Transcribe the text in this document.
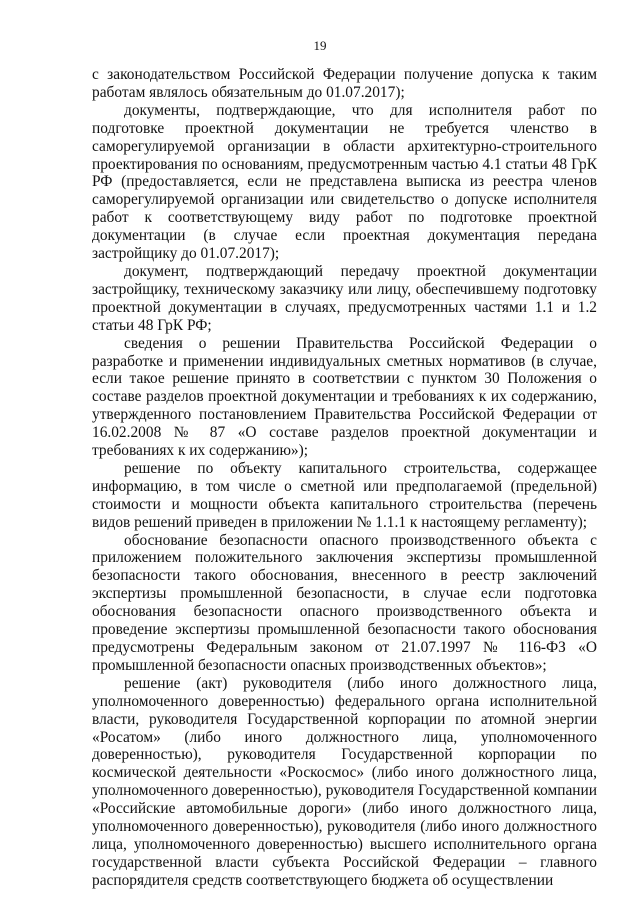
19

с законодательством Российской Федерации получение допуска к таким работам являлось обязательным до 01.07.2017);

документы, подтверждающие, что для исполнителя работ по подготовке проектной документации не требуется членство в саморегулируемой организации в области архитектурно-строительного проектирования по основаниям, предусмотренным частью 4.1 статьи 48 ГрК РФ (предоставляется, если не представлена выписка из реестра членов саморегулируемой организации или свидетельство о допуске исполнителя работ к соответствующему виду работ по подготовке проектной документации (в случае если проектная документация передана застройщику до 01.07.2017);

документ, подтверждающий передачу проектной документации застройщику, техническому заказчику или лицу, обеспечившему подготовку проектной документации в случаях, предусмотренных частями 1.1 и 1.2 статьи 48 ГрК РФ;

сведения о решении Правительства Российской Федерации о разработке и применении индивидуальных сметных нормативов (в случае, если такое решение принято в соответствии с пунктом 30 Положения о составе разделов проектной документации и требованиях к их содержанию, утвержденного постановлением Правительства Российской Федерации от 16.02.2008 № 87 «О составе разделов проектной документации и требованиях к их содержанию»);

решение по объекту капитального строительства, содержащее информацию, в том числе о сметной или предполагаемой (предельной) стоимости и мощности объекта капитального строительства (перечень видов решений приведен в приложении № 1.1.1 к настоящему регламенту);

обоснование безопасности опасного производственного объекта с приложением положительного заключения экспертизы промышленной безопасности такого обоснования, внесенного в реестр заключений экспертизы промышленной безопасности, в случае если подготовка обоснования безопасности опасного производственного объекта и проведение экспертизы промышленной безопасности такого обоснования предусмотрены Федеральным законом от 21.07.1997 № 116-ФЗ «О промышленной безопасности опасных производственных объектов»;

решение (акт) руководителя (либо иного должностного лица, уполномоченного доверенностью) федерального органа исполнительной власти, руководителя Государственной корпорации по атомной энергии «Росатом» (либо иного должностного лица, уполномоченного доверенностью), руководителя Государственной корпорации по космической деятельности «Роскосмос» (либо иного должностного лица, уполномоченного доверенностью), руководителя Государственной компании «Российские автомобильные дороги» (либо иного должностного лица, уполномоченного доверенностью), руководителя (либо иного должностного лица, уполномоченного доверенностью) высшего исполнительного органа государственной власти субъекта Российской Федерации – главного распорядителя средств соответствующего бюджета об осуществлении
